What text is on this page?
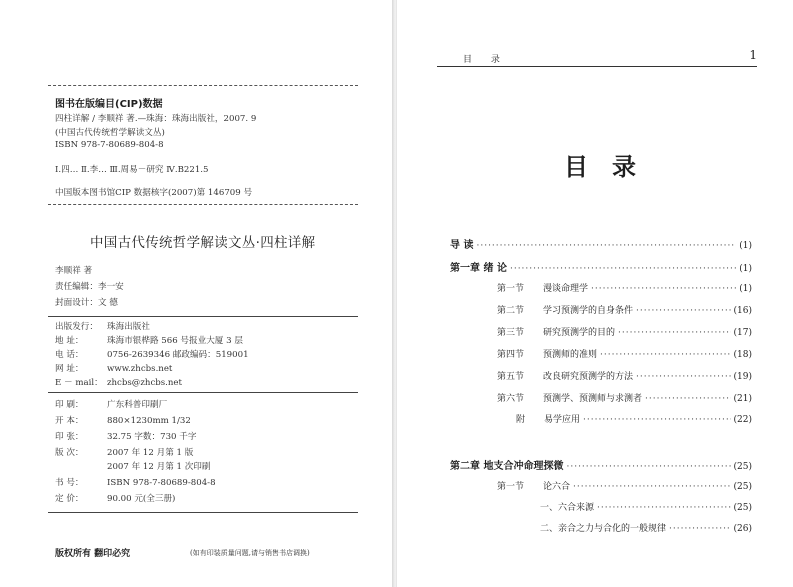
图书在版编目(CIP)数据
四柱详解 / 李顺祥 著.—珠海：珠海出版社，2007. 9
(中国古代传统哲学解读文丛)
ISBN 978-7-80689-804-8
Ⅰ.四… Ⅱ.李… Ⅲ.周易－研究 Ⅳ.B221.5
中国版本图书馆CIP 数据核字(2007)第 146709 号
中国古代传统哲学解读文丛·四柱详解
李顺祥 著
责任编辑：李一安
封面设计：文 德
出版发行： 珠海出版社
地 址：	珠海市银桦路 566 号报业大厦 3 层
电 话：	0756-2639346 邮政编码：519001
网 址：	www.zhcbs.net
E － mail： zhcbs@zhcbs.net
印 刷：	广东科普印刷厂
开 本：	880×1230mm 1/32
印 张：	32.75 字数：730 千字
版 次：	2007 年 12 月第 1 版
2007 年 12 月第 1 次印刷
书 号：	ISBN 978-7-80689-804-8
定 价：	90.00 元(全三册)
版权所有 翻印必究	(如有印装质量问题,请与销售书店调换)
目 录	1
目录
导 读 ·····	(1)
第一章 绪 论 ·····	(1)
第一节	漫谈命理学 ·····	(1)
第二节	学习预测学的自身条件 ·····	(16)
第三节	研究预测学的目的 ·····	(17)
第四节	预测师的准则 ·····	(18)
第五节	改良研究预测学的方法 ·····	(19)
第六节	预测学、预测师与求测者 ·····	(21)
附	易学应用 ·····	(22)
第二章 地支合冲命理探微 ·····	(25)
第一节	论六合 ·····	(25)
一、六合来源 ·····	(25)
二、亲合之力与合化的一般规律 ·····	(26)
